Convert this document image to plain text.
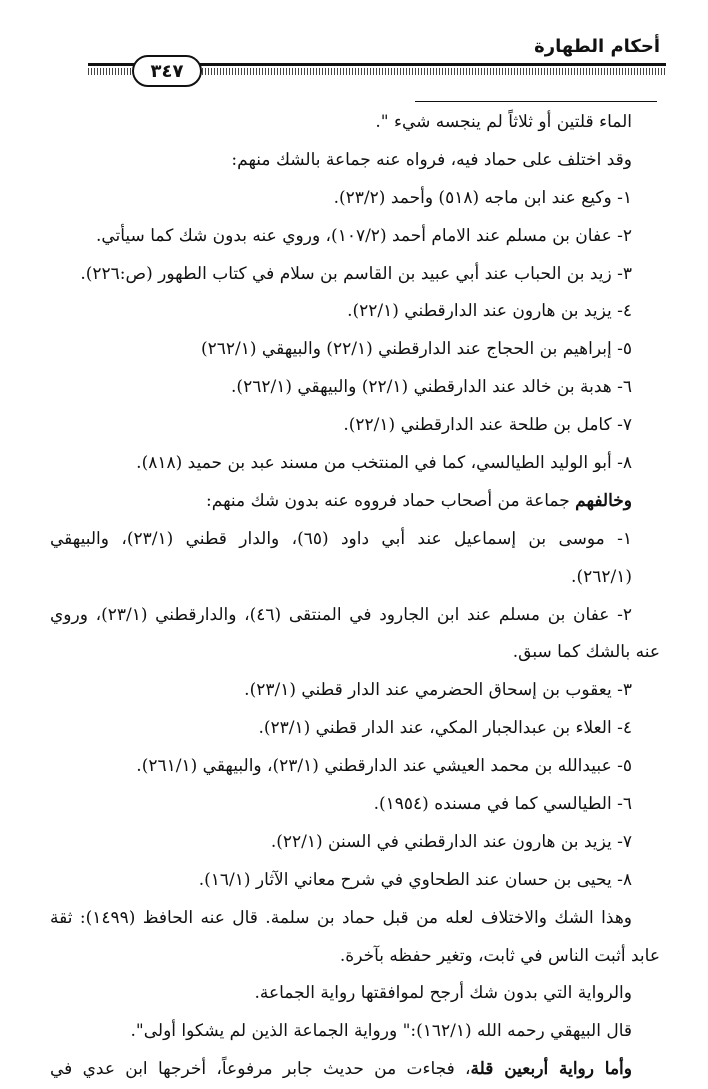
أحكام الطهارة
٣٤٧
الماء قلتين أو ثلاثاً لم ينجسه شيء ".
وقد اختلف على حماد فيه، فرواه عنه جماعة بالشك منهم:
١- وكيع عند ابن ماجه (٥١٨) وأحمد (٢٣/٢).
٢- عفان بن مسلم عند الامام أحمد (١٠٧/٢)، وروي عنه بدون شك كما سيأتي.
٣- زيد بن الحباب عند أبي عبيد بن القاسم بن سلام في كتاب الطهور (ص:٢٢٦).
٤- يزيد بن هارون عند الدارقطني (٢٢/١).
٥- إبراهيم بن الحجاج عند الدارقطني (٢٢/١) والبيهقي (٢٦٢/١)
٦- هدبة بن خالد عند الدارقطني (٢٢/١) والبيهقي (٢٦٢/١).
٧- كامل بن طلحة عند الدارقطني (٢٢/١).
٨- أبو الوليد الطيالسي، كما في المنتخب من مسند عبد بن حميد (٨١٨).
وخالفهم جماعة من أصحاب حماد فرووه عنه بدون شك منهم:
١- موسى بن إسماعيل عند أبي داود (٦٥)، والدار قطني (٢٣/١)، والبيهقي
(٢٦٢/١).
٢- عفان بن مسلم عند ابن الجارود في المنتقى (٤٦)، والدارقطني (٢٣/١)، وروي
عنه بالشك كما سبق.
٣- يعقوب بن إسحاق الحضرمي عند الدار قطني (٢٣/١).
٤- العلاء بن عبدالجبار المكي، عند الدار قطني (٢٣/١).
٥- عبيدالله بن محمد العيشي عند الدارقطني (٢٣/١)، والبيهقي (٢٦١/١).
٦- الطيالسي كما في مسنده (١٩٥٤).
٧- يزيد بن هارون عند الدارقطني في السنن (٢٢/١).
٨- يحيى بن حسان عند الطحاوي في شرح معاني الآثار (١٦/١).
وهذا الشك والاختلاف لعله من قبل حماد بن سلمة. قال عنه الحافظ (١٤٩٩): ثقة
عابد أثبت الناس في ثابت، وتغير حفظه بآخرة.
والرواية التي بدون شك أرجح لموافقتها رواية الجماعة.
قال البيهقي رحمه الله (١٦٢/١):" ورواية الجماعة الذين لم يشكوا أولى".
وأما رواية أربعين قلة، فجاءت من حديث جابر مرفوعاً، أخرجها ابن عدي في
